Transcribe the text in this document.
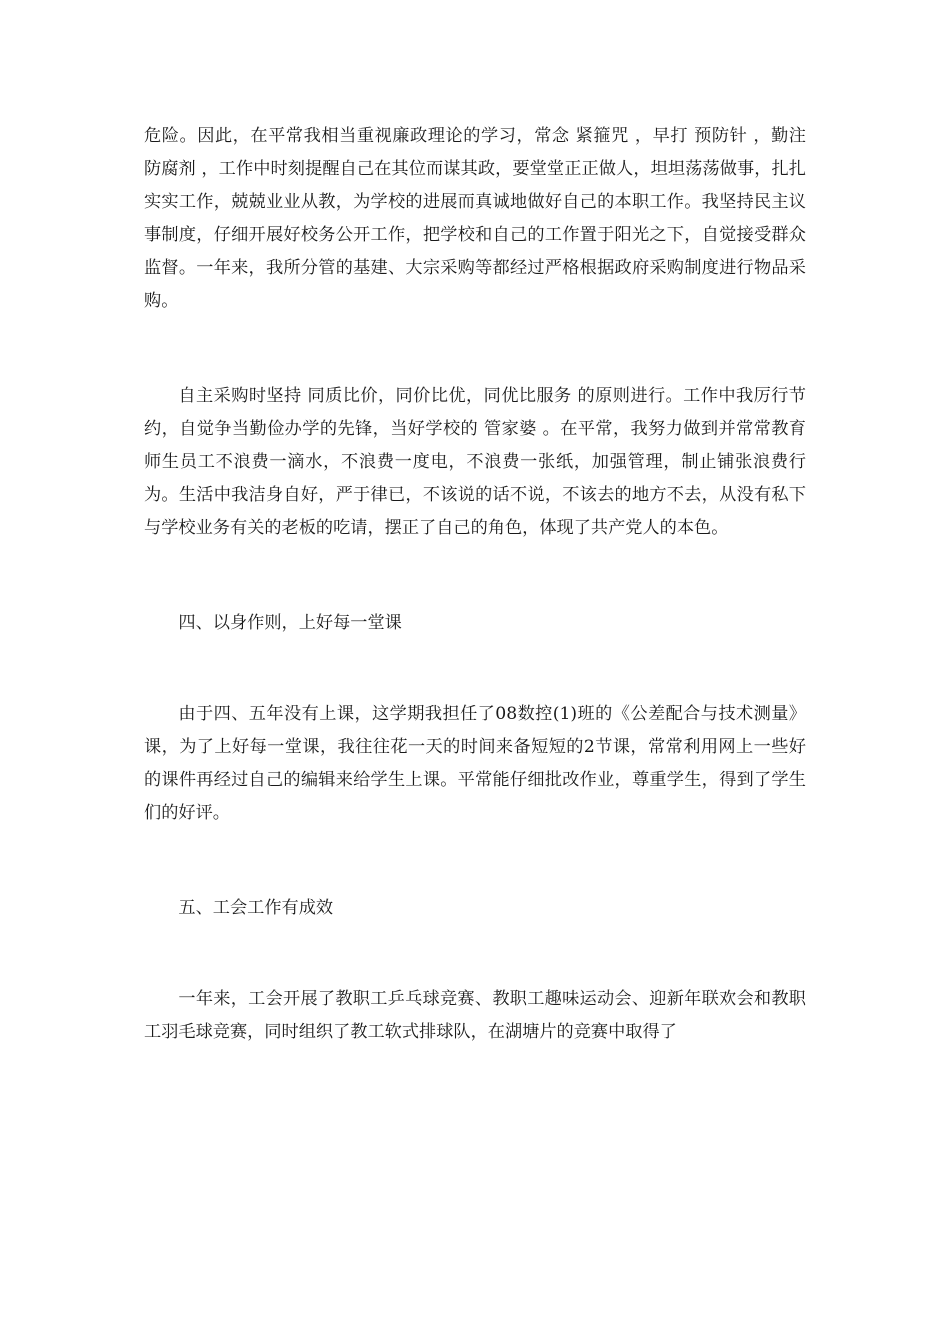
危险。因此，在平常我相当重视廉政理论的学习，常念 紧箍咒 ，早打 预防针 ，勤注 防腐剂 ，工作中时刻提醒自己在其位而谋其政，要堂堂正正做人，坦坦荡荡做事，扎扎实实工作，兢兢业业从教，为学校的进展而真诚地做好自己的本职工作。我坚持民主议事制度，仔细开展好校务公开工作，把学校和自己的工作置于阳光之下，自觉接受群众监督。一年来，我所分管的基建、大宗采购等都经过严格根据政府采购制度进行物品采购。

自主采购时坚持 同质比价，同价比优，同优比服务 的原则进行。工作中我厉行节约，自觉争当勤俭办学的先锋，当好学校的 管家婆 。在平常，我努力做到并常常教育师生员工不浪费一滴水，不浪费一度电，不浪费一张纸，加强管理，制止铺张浪费行为。生活中我洁身自好，严于律已，不该说的话不说，不该去的地方不去，从没有私下与学校业务有关的老板的吃请，摆正了自己的角色，体现了共产党人的本色。

四、以身作则，上好每一堂课

由于四、五年没有上课，这学期我担任了08数控(1)班的《公差配合与技术测量》课，为了上好每一堂课，我往往花一天的时间来备短短的2节课，常常利用网上一些好的课件再经过自己的编辑来给学生上课。平常能仔细批改作业，尊重学生，得到了学生们的好评。

五、工会工作有成效

一年来，工会开展了教职工乒乓球竞赛、教职工趣味运动会、迎新年联欢会和教职工羽毛球竞赛，同时组织了教工软式排球队，在湖塘片的竞赛中取得了
